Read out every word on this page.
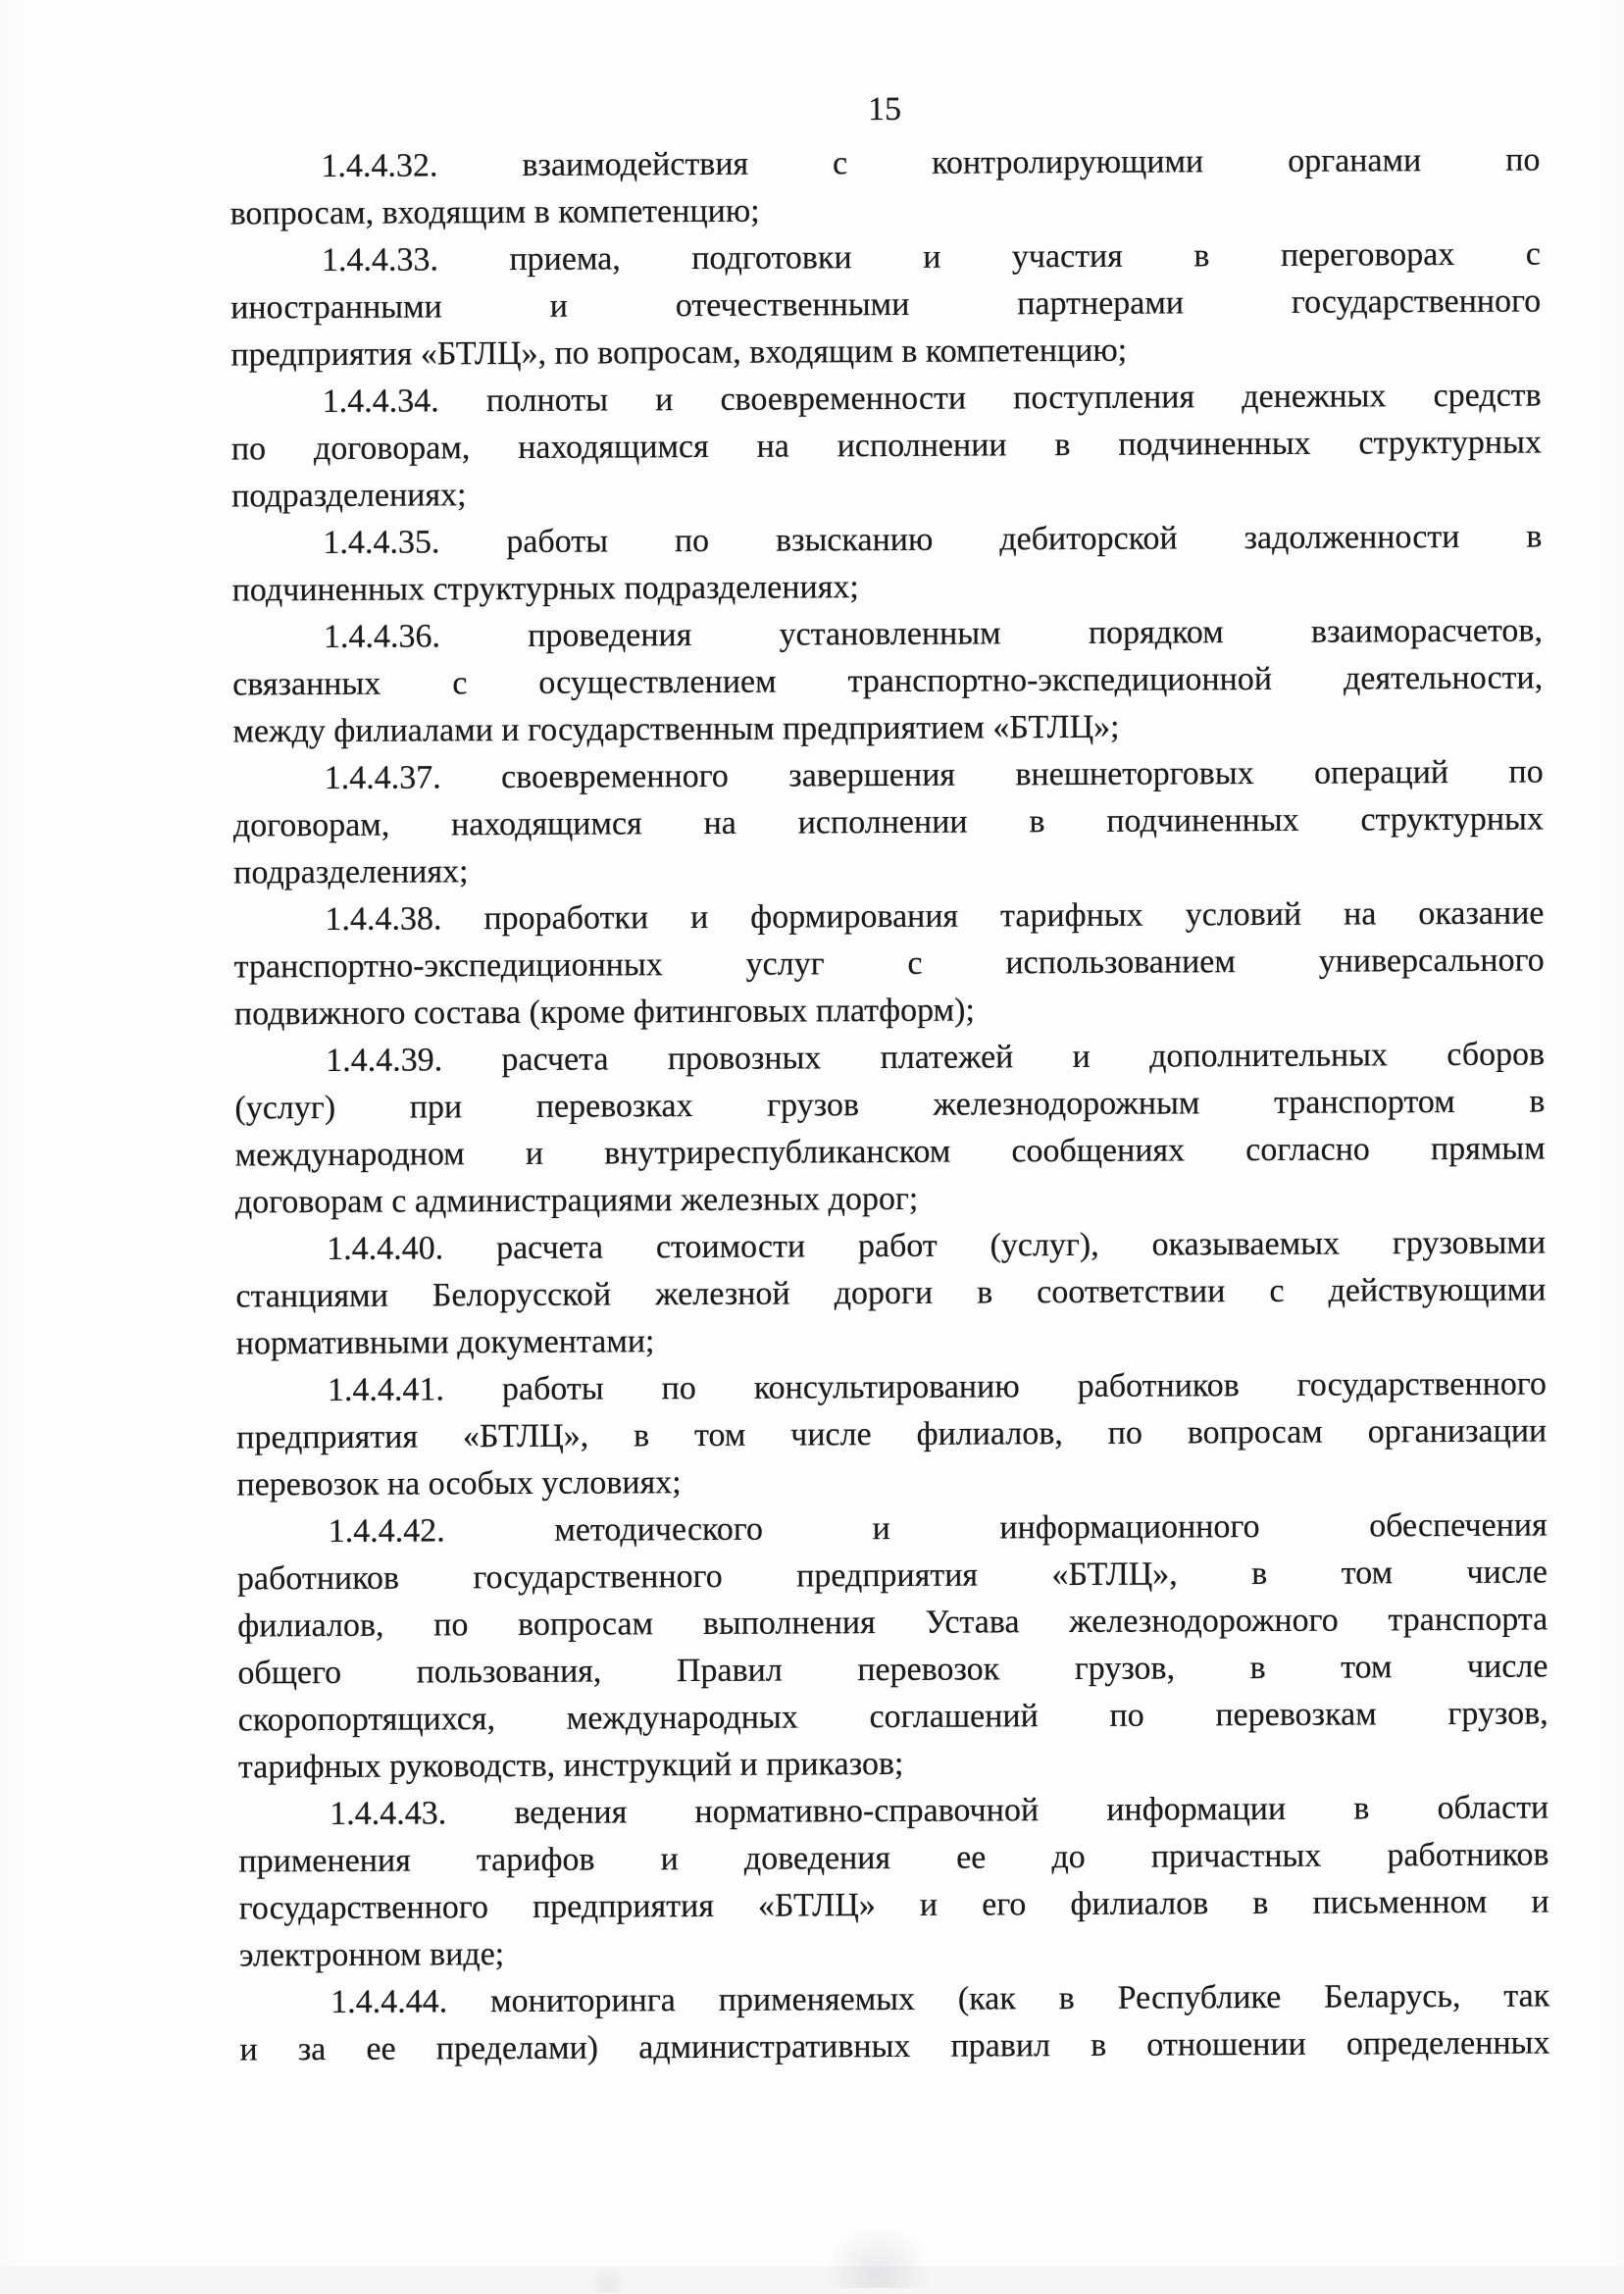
15

1.4.4.32. взаимодействия с контролирующими органами по
вопросам, входящим в компетенцию;

1.4.4.33. приема, подготовки и участия в переговорах с
иностранными и отечественными партнерами государственного
предприятия «БТЛЦ», по вопросам, входящим в компетенцию;

1.4.4.34. полноты и своевременности поступления денежных средств
по договорам, находящимся на исполнении в подчиненных структурных
подразделениях;

1.4.4.35. работы по взысканию дебиторской задолженности в
подчиненных структурных подразделениях;

1.4.4.36. проведения установленным порядком взаиморасчетов,
связанных с осуществлением транспортно-экспедиционной деятельности,
между филиалами и государственным предприятием «БТЛЦ»;

1.4.4.37. своевременного завершения внешнеторговых операций по
договорам, находящимся на исполнении в подчиненных структурных
подразделениях;

1.4.4.38. проработки и формирования тарифных условий на оказание
транспортно-экспедиционных услуг с использованием универсального
подвижного состава (кроме фитинговых платформ);

1.4.4.39. расчета провозных платежей и дополнительных сборов
(услуг) при перевозках грузов железнодорожным транспортом в
международном и внутриреспубликанском сообщениях согласно прямым
договорам с администрациями железных дорог;

1.4.4.40. расчета стоимости работ (услуг), оказываемых грузовыми
станциями Белорусской железной дороги в соответствии с действующими
нормативными документами;

1.4.4.41. работы по консультированию работников государственного
предприятия «БТЛЦ», в том числе филиалов, по вопросам организации
перевозок на особых условиях;

1.4.4.42. методического и информационного обеспечения
работников государственного предприятия «БТЛЦ», в том числе
филиалов, по вопросам выполнения Устава железнодорожного транспорта
общего пользования, Правил перевозок грузов, в том числе
скоропортящихся, международных соглашений по перевозкам грузов,
тарифных руководств, инструкций и приказов;

1.4.4.43. ведения нормативно-справочной информации в области
применения тарифов и доведения ее до причастных работников
государственного предприятия «БТЛЦ» и его филиалов в письменном и
электронном виде;

1.4.4.44. мониторинга применяемых (как в Республике Беларусь, так
и за ее пределами) административных правил в отношении определенных
